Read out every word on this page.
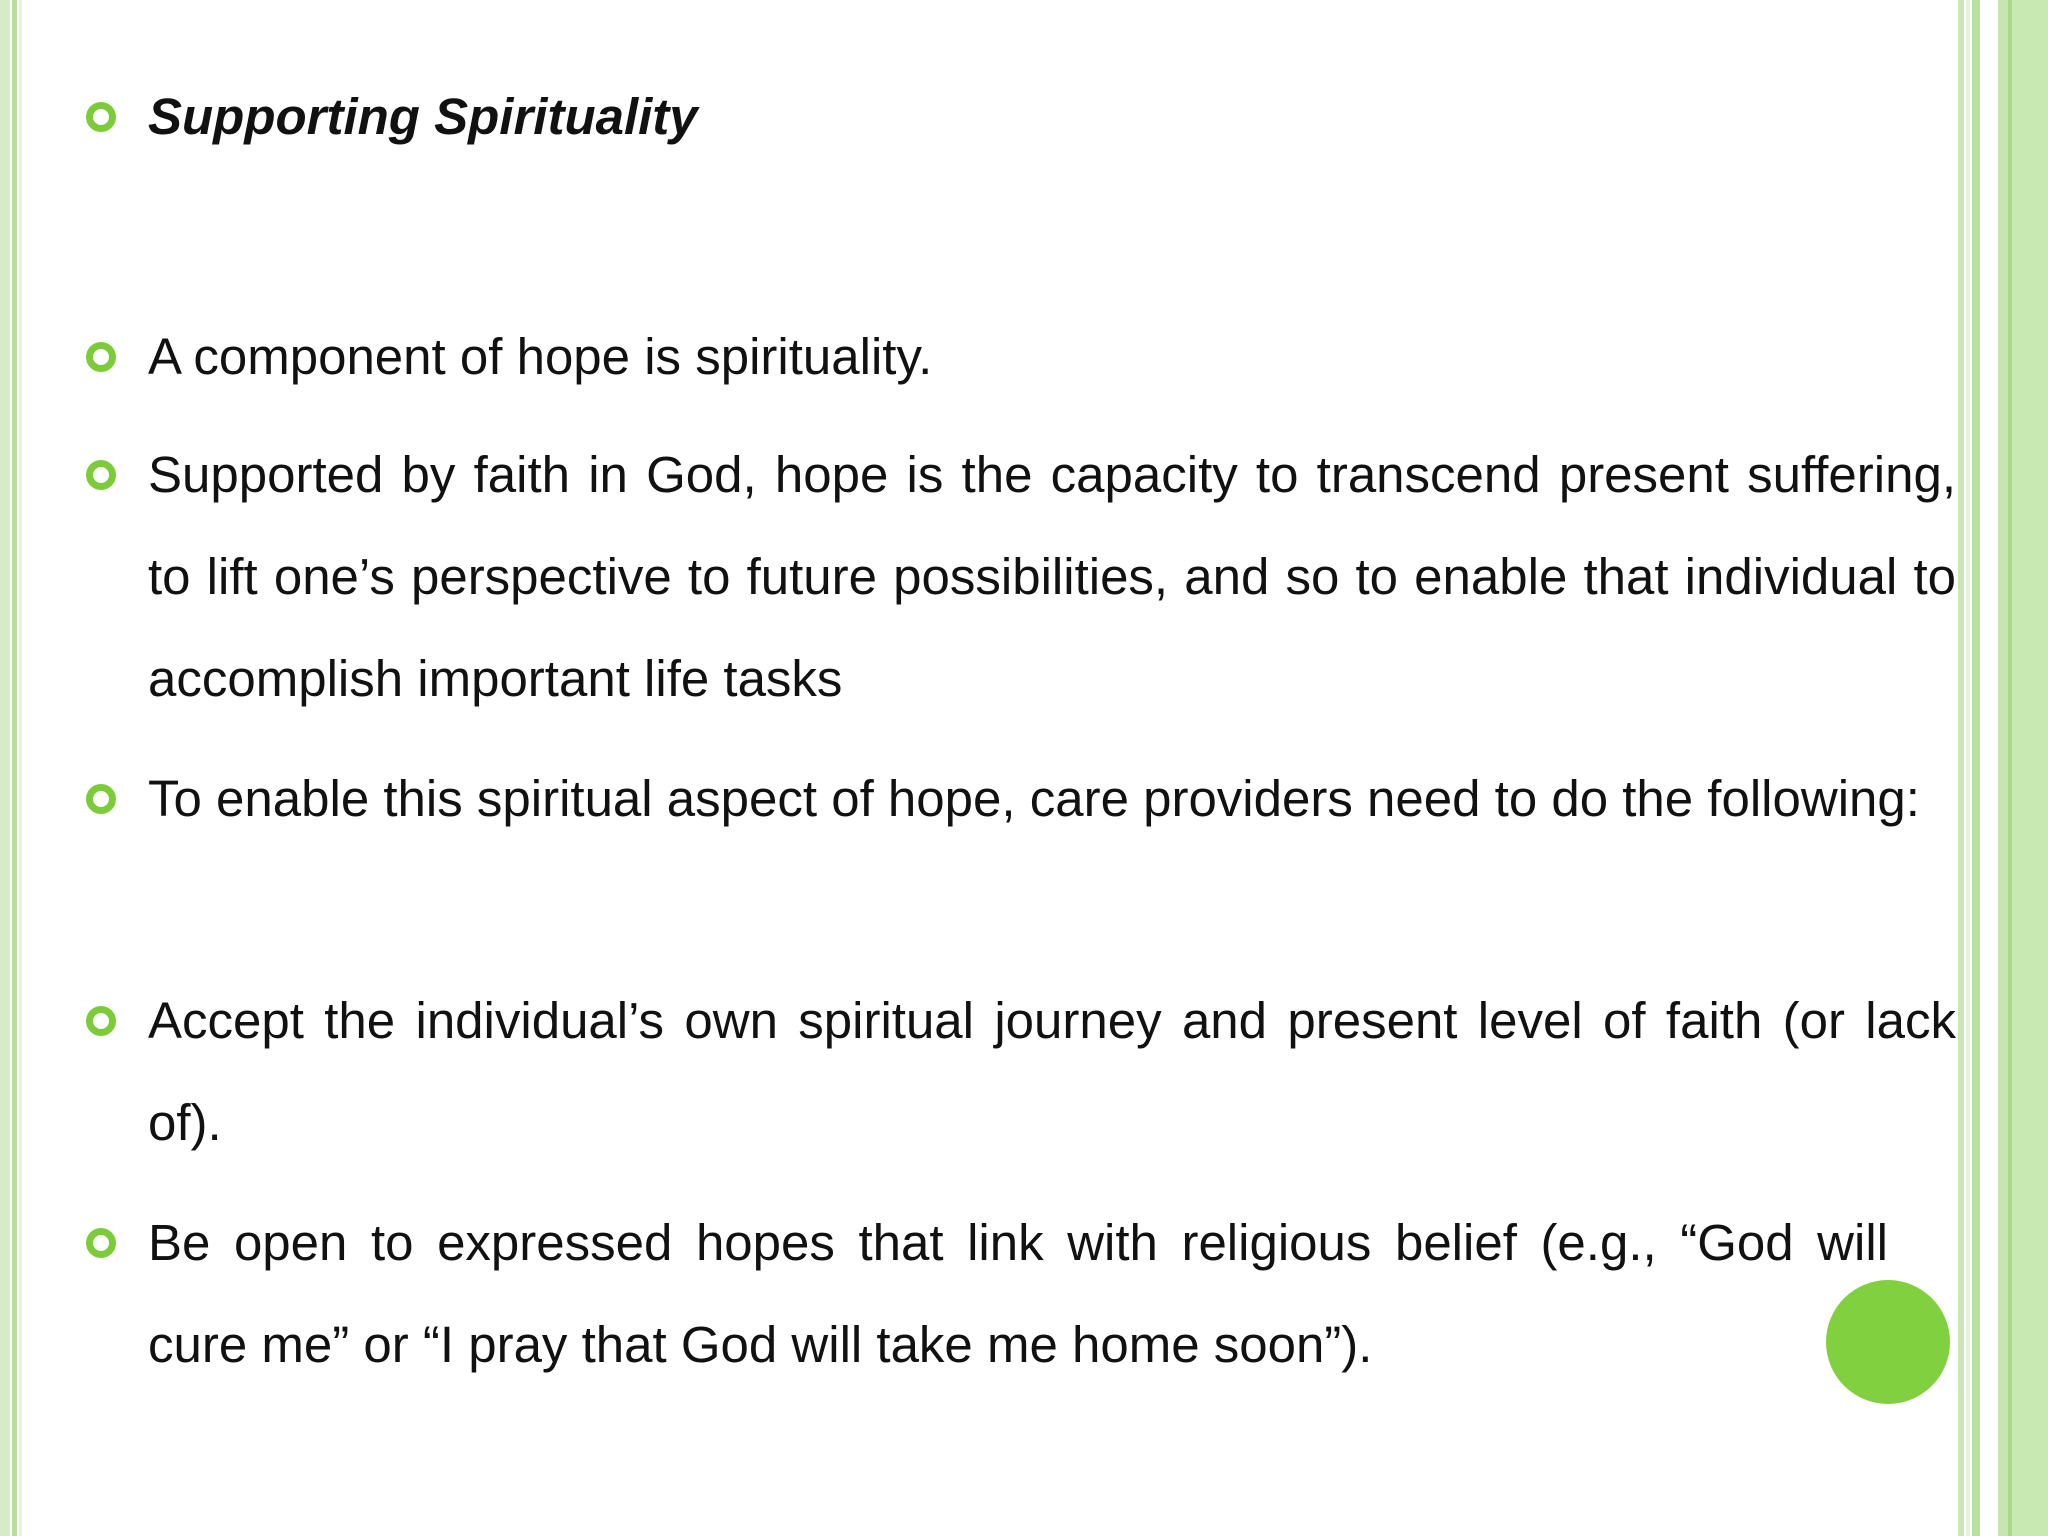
Supporting Spirituality
A component of hope is spirituality.
Supported by faith in God, hope is the capacity to transcend present suffering, to lift one’s perspective to future possibilities, and so to enable that individual to accomplish important life tasks
To enable this spiritual aspect of hope, care providers need to do the following:
Accept the individual’s own spiritual journey and present level of faith (or lack of).
Be open to expressed hopes that link with religious belief (e.g., “God will cure me” or “I pray that God will take me home soon”).
